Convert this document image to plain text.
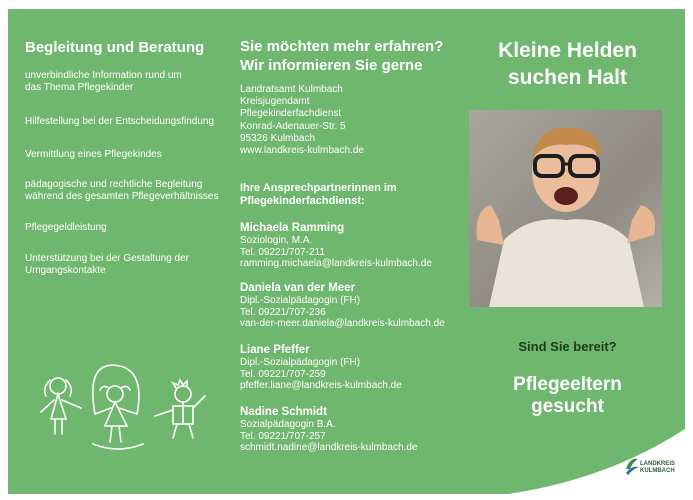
Begleitung und Beratung
unverbindliche Information rund um
das Thema Pflegekinder
Hilfestellung bei der Entscheidungsfindung
Vermittlung eines Pflegekindes
pädagogische und rechtliche Begleitung
während des gesamten Pflegeverhältnisses
Pflegegeldleistung
Unterstützung bei der Gestaltung der
Umgangskontakte
Sie möchten mehr erfahren?
Wir informieren Sie gerne
Landratsamt Kulmbach
Kreisjugendamt
Pflegekinderfachdienst
Konrad-Adenauer-Str. 5
95326 Kulmbach
www.landkreis-kulmbach.de
Ihre Ansprechpartnerinnen im
Pflegekinderfachdienst:
Michaela Ramming
Soziologin, M.A.
Tel. 09221/707-211
ramming.michaela@landkreis-kulmbach.de
Daniela van der Meer
Dipl.-Sozialpädagogin (FH)
Tel. 09221/707-236
van-der-meer.daniela@landkreis-kulmbach.de
Liane Pfeffer
Dipl.-Sozialpädagogin (FH)
Tel. 09221/707-259
pfeffer.liane@landkreis-kulmbach.de
Nadine Schmidt
Sozialpädagogin B.A.
Tel. 09221/707-257
schmidt.nadine@landkreis-kulmbach.de
Kleine Helden
suchen Halt
Sind Sie bereit?
Pflegeeltern
gesucht
LANDKREIS
KULMBACH
